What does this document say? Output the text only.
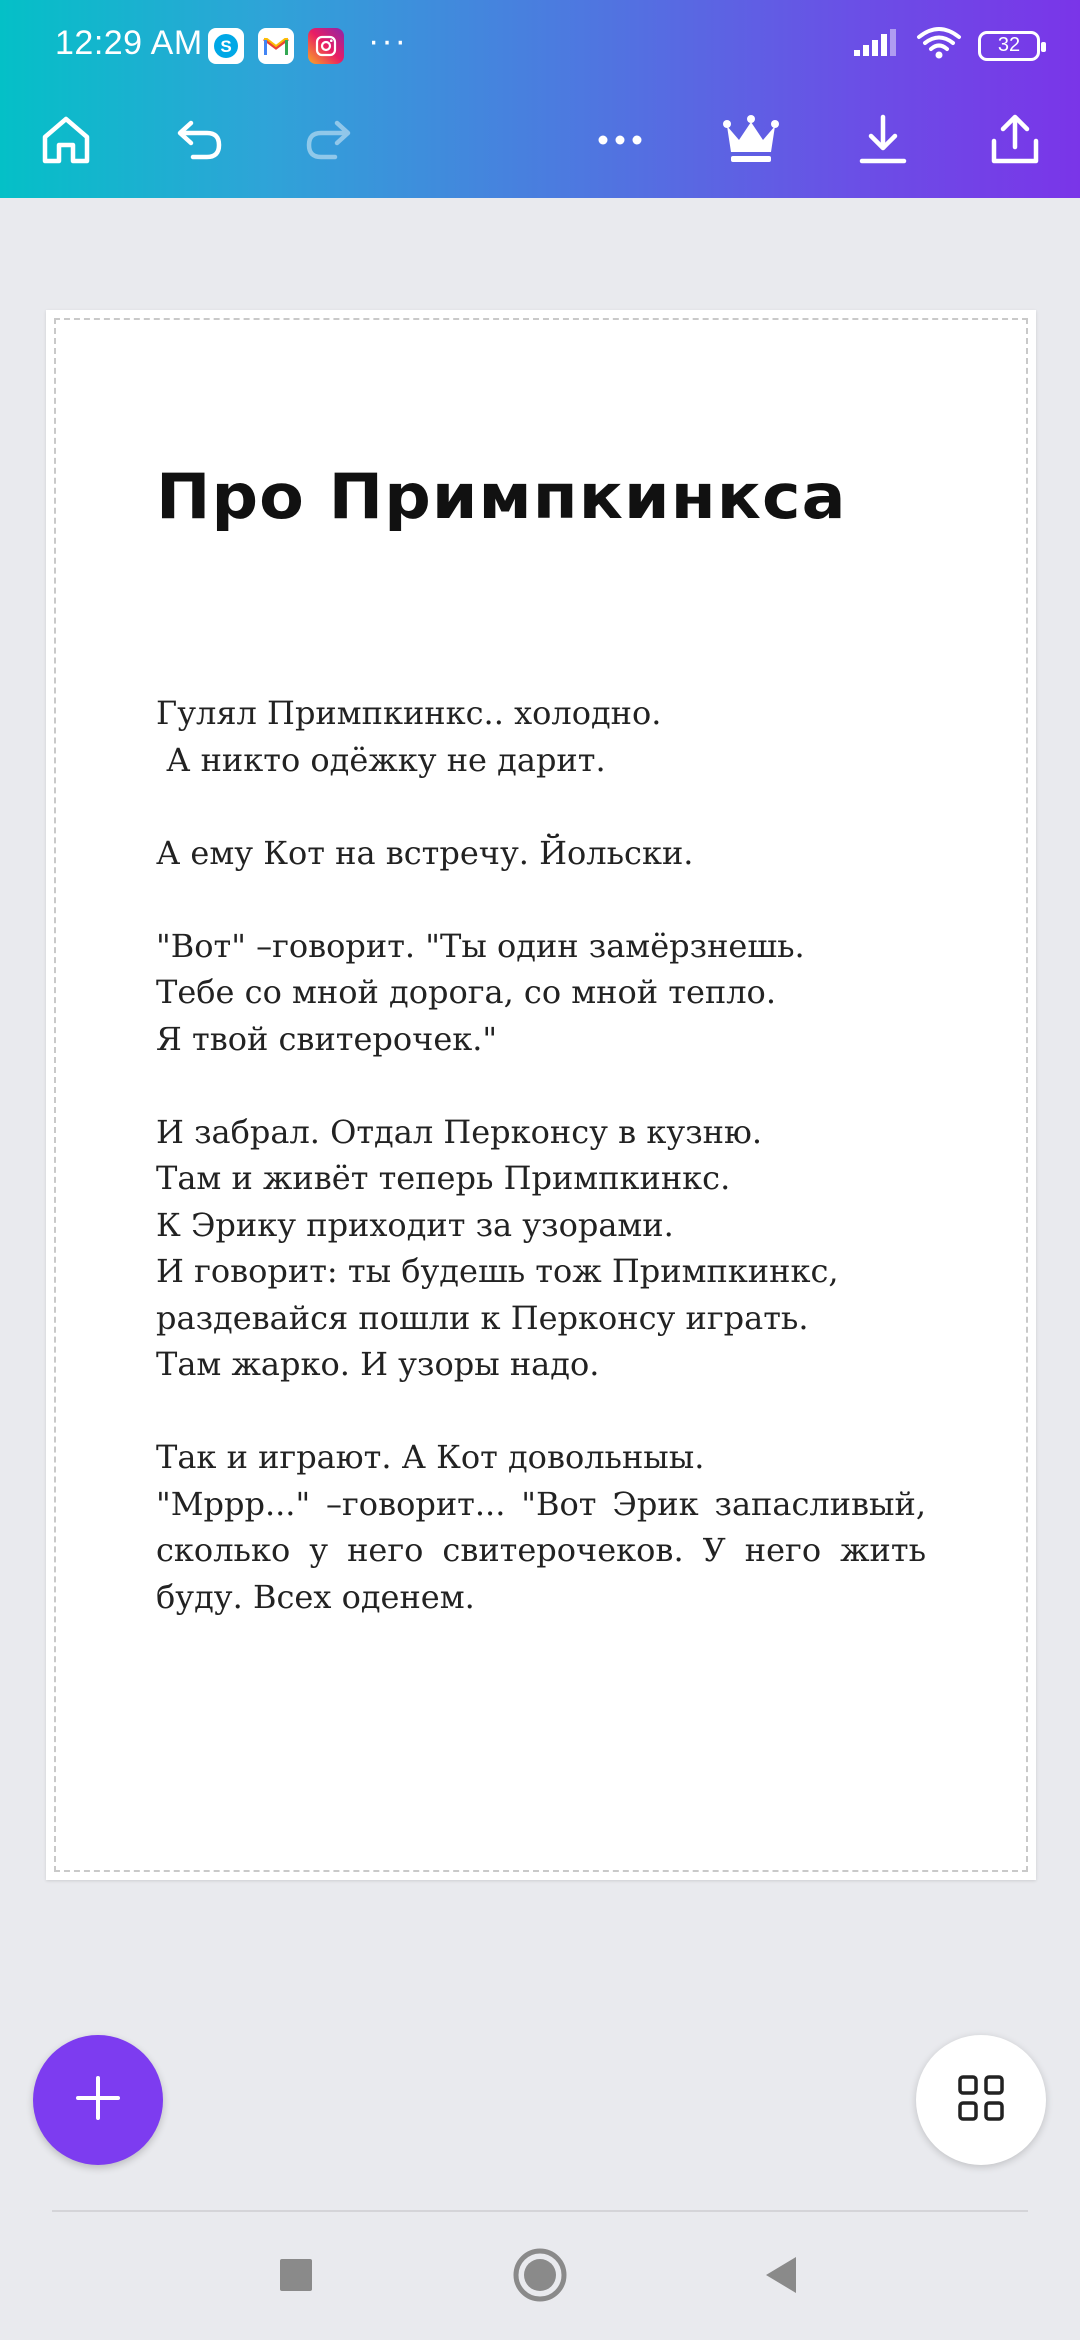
12:29 AM S	···	32
Про Примпкинкса
Гулял Примпкинкс.. холодно.
А никто одёжку не дарит.
А ему Кот на встречу. Йольски.
"Вот" –говорит. "Ты один замёрзнешь.
Тебе со мной дорога, со мной тепло.
Я твой свитерочек."
И забрал. Отдал Перконсу в кузню.
Там и живёт теперь Примпкинкс.
К Эрику приходит за узорами.
И говорит: ты будешь тож Примпкинкс,
раздевайся пошли к Перконсу играть.
Там жарко. И узоры надо.
Так и играют. А Кот довольныы.
"Мррр..." –говорит... "Вот Эрик запасливый, сколько у него свитерочеков. У него жить буду. Всех оденем.
